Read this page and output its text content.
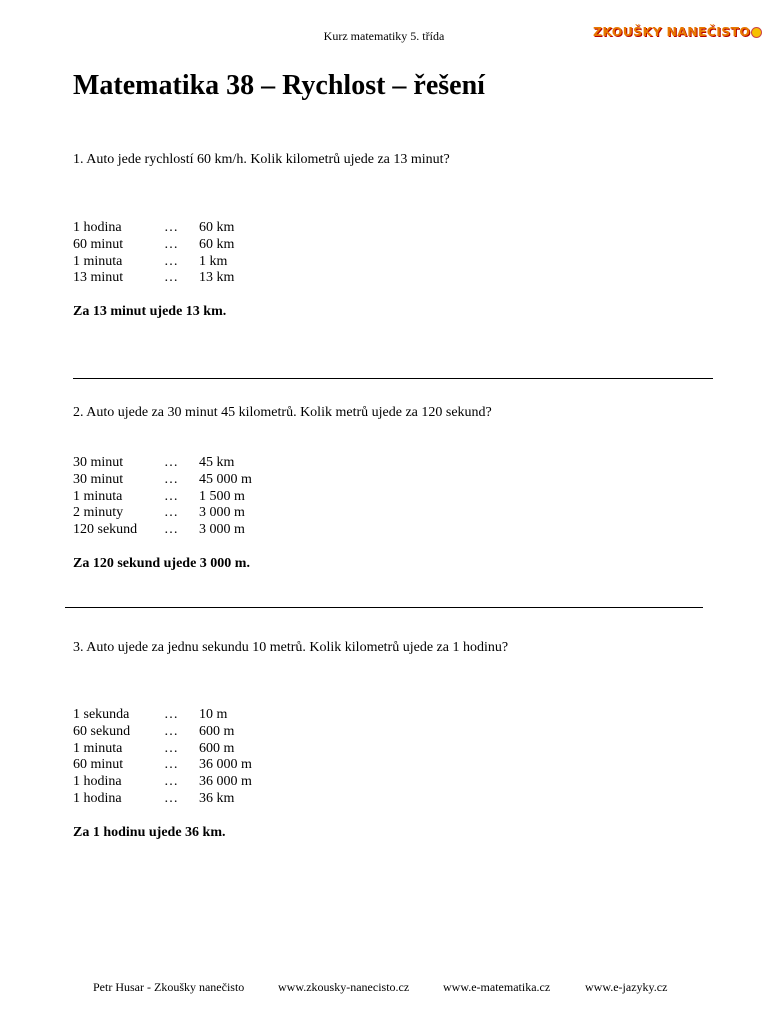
Kurz matematiky 5. třída	ZKOUŠKY NANEČISTO
Matematika 38 – Rychlost – řešení
1. Auto jede rychlostí 60 km/h. Kolik kilometrů ujede za 13 minut?
1 hodina	… 60 km
60 minut	… 60 km
1 minuta	… 1 km
13 minut	… 13 km
Za 13 minut ujede 13 km.
2. Auto ujede za 30 minut 45 kilometrů. Kolik metrů ujede za 120 sekund?
30 minut	… 45 km
30 minut	… 45 000 m
1 minuta	… 1 500 m
2 minuty	… 3 000 m
120 sekund … 3 000 m
Za 120 sekund ujede 3 000 m.
3. Auto ujede za jednu sekundu 10 metrů. Kolik kilometrů ujede za 1 hodinu?
1 sekunda … 10 m
60 sekund … 600 m
1 minuta	… 600 m
60 minut	… 36 000 m
1 hodina	… 36 000 m
1 hodina	… 36 km
Za 1 hodinu ujede 36 km.
Petr Husar - Zkoušky nanečisto	www.zkousky-nanecisto.cz	www.e-matematika.cz	www.e-jazyky.cz
